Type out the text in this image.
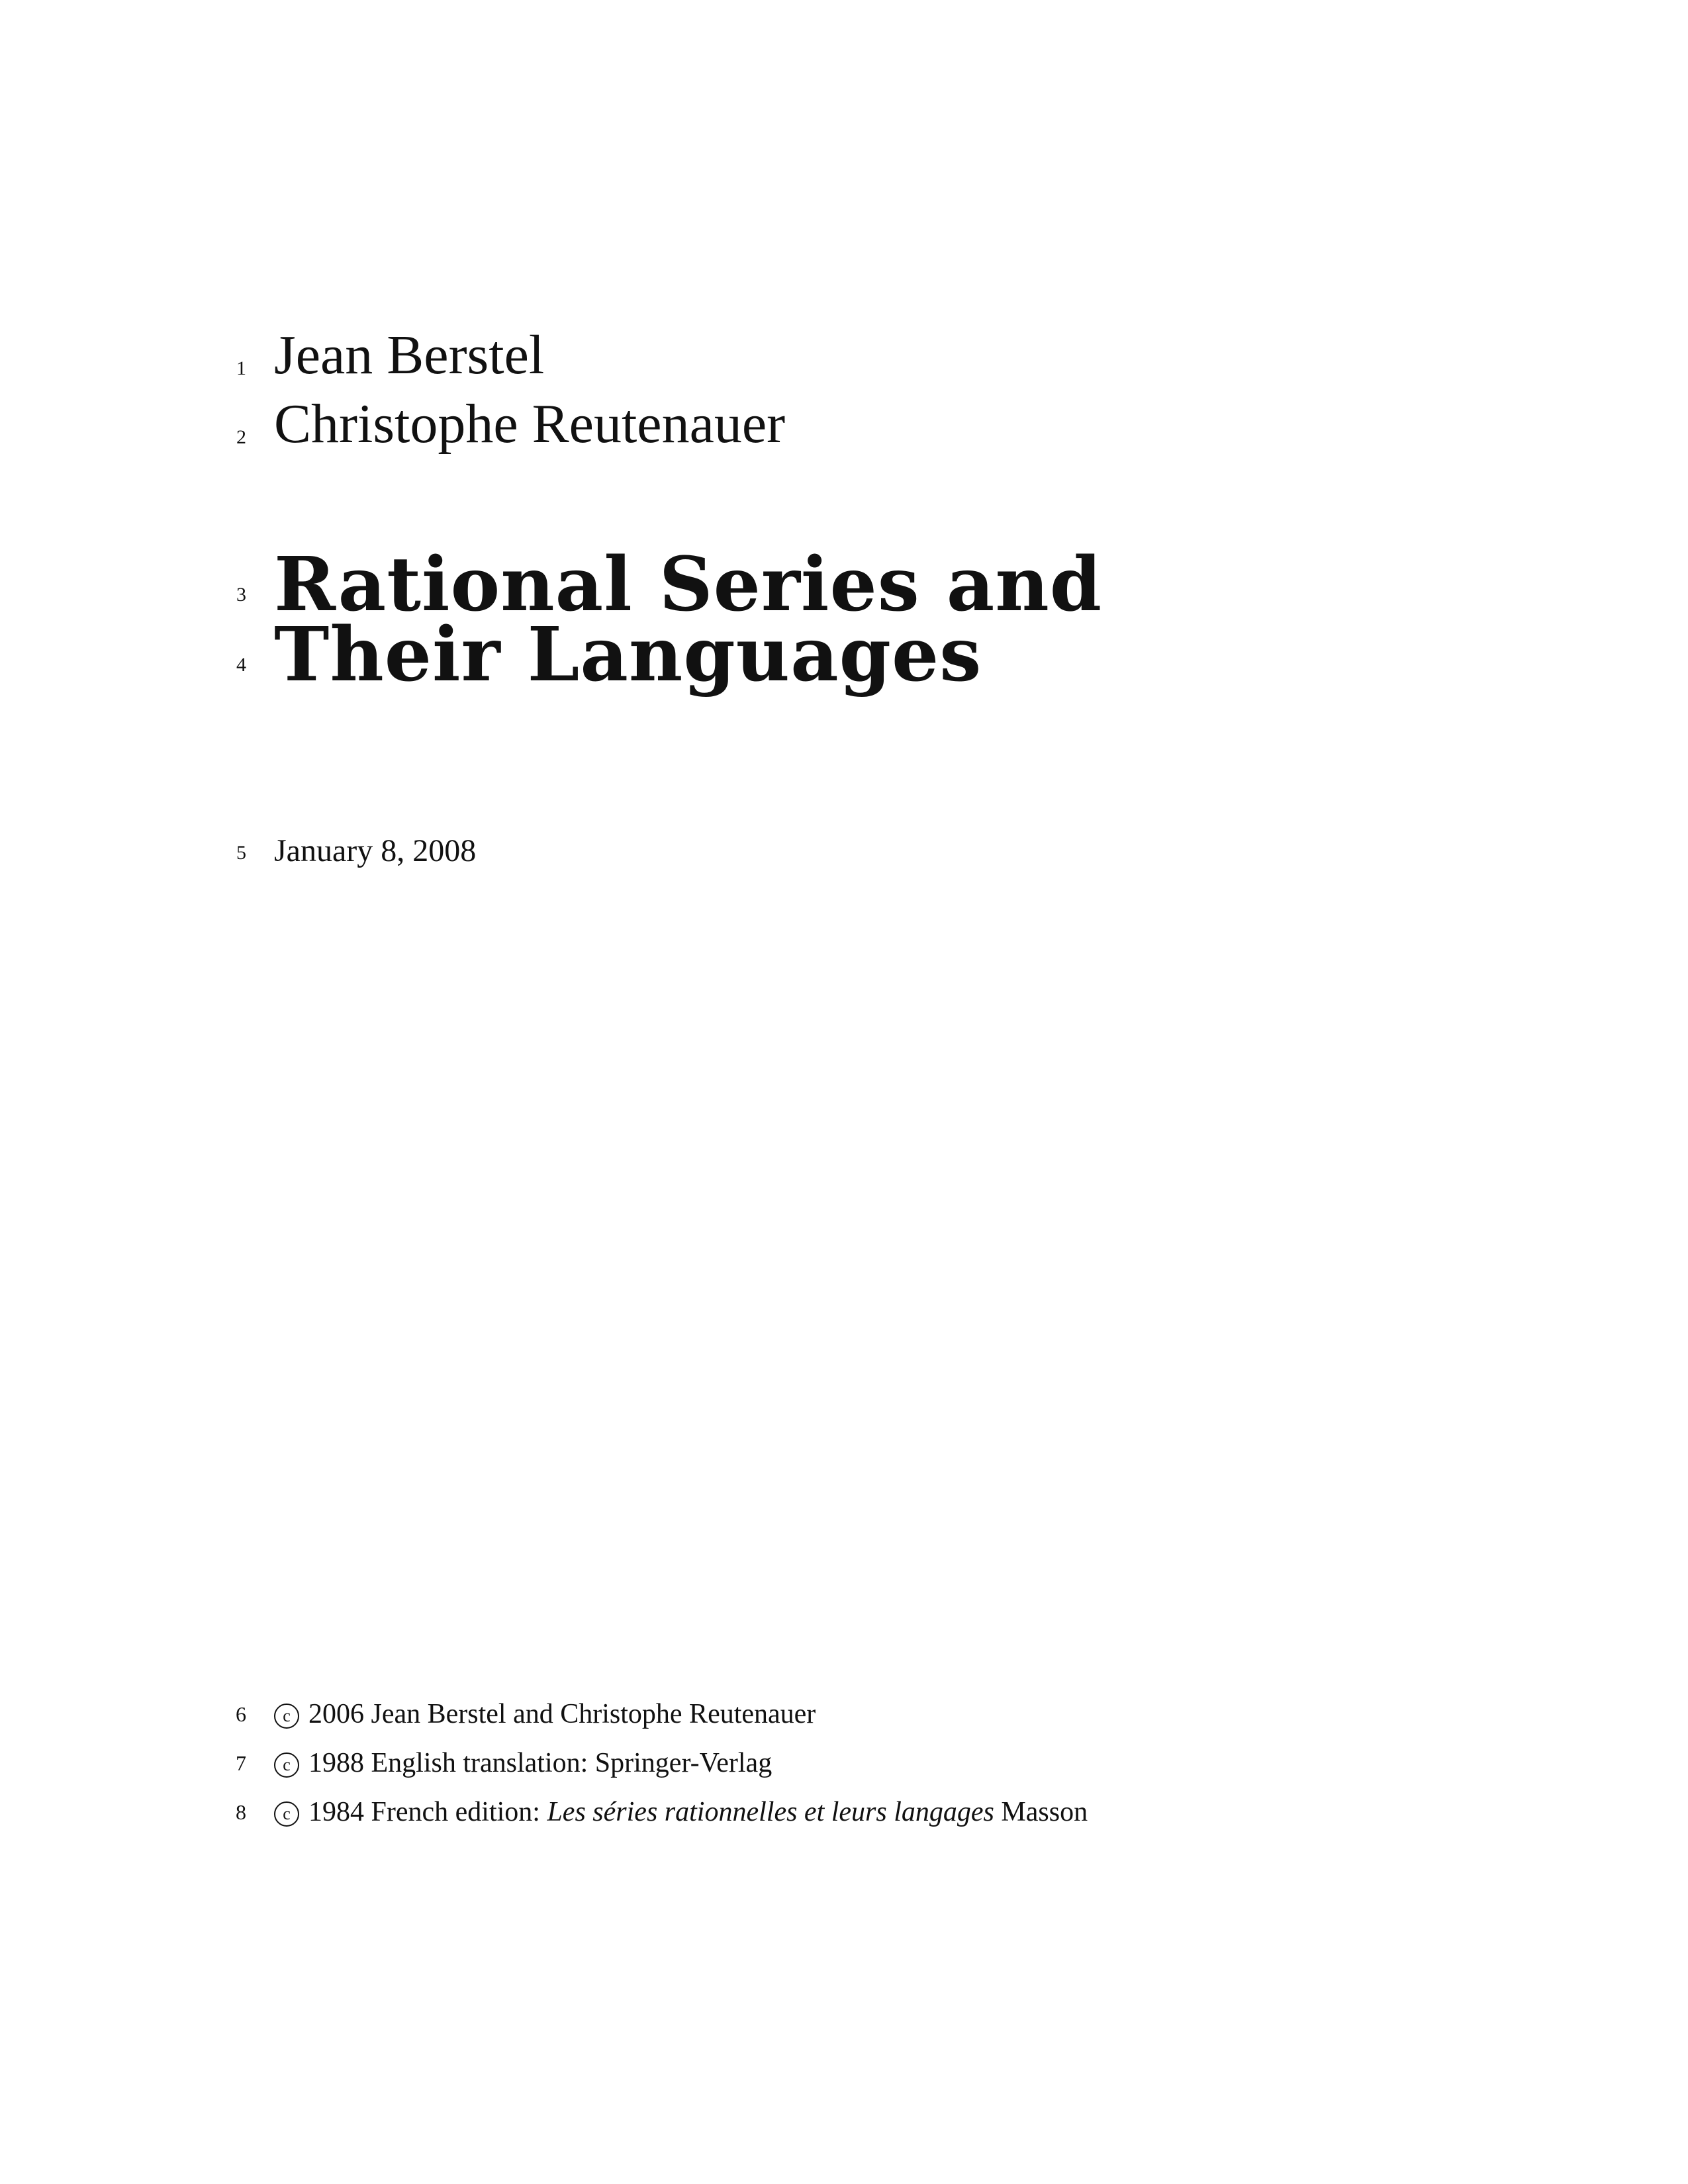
1 Jean Berstel
2 Christophe Reutenauer
3 Rational Series and
4 Their Languages
5 January 8, 2008
6	c 2006 Jean Berstel and Christophe Reutenauer
7	c 1988 English translation: Springer-Verlag
8	c 1984 French edition: Les séries rationnelles et leurs langages Masson
